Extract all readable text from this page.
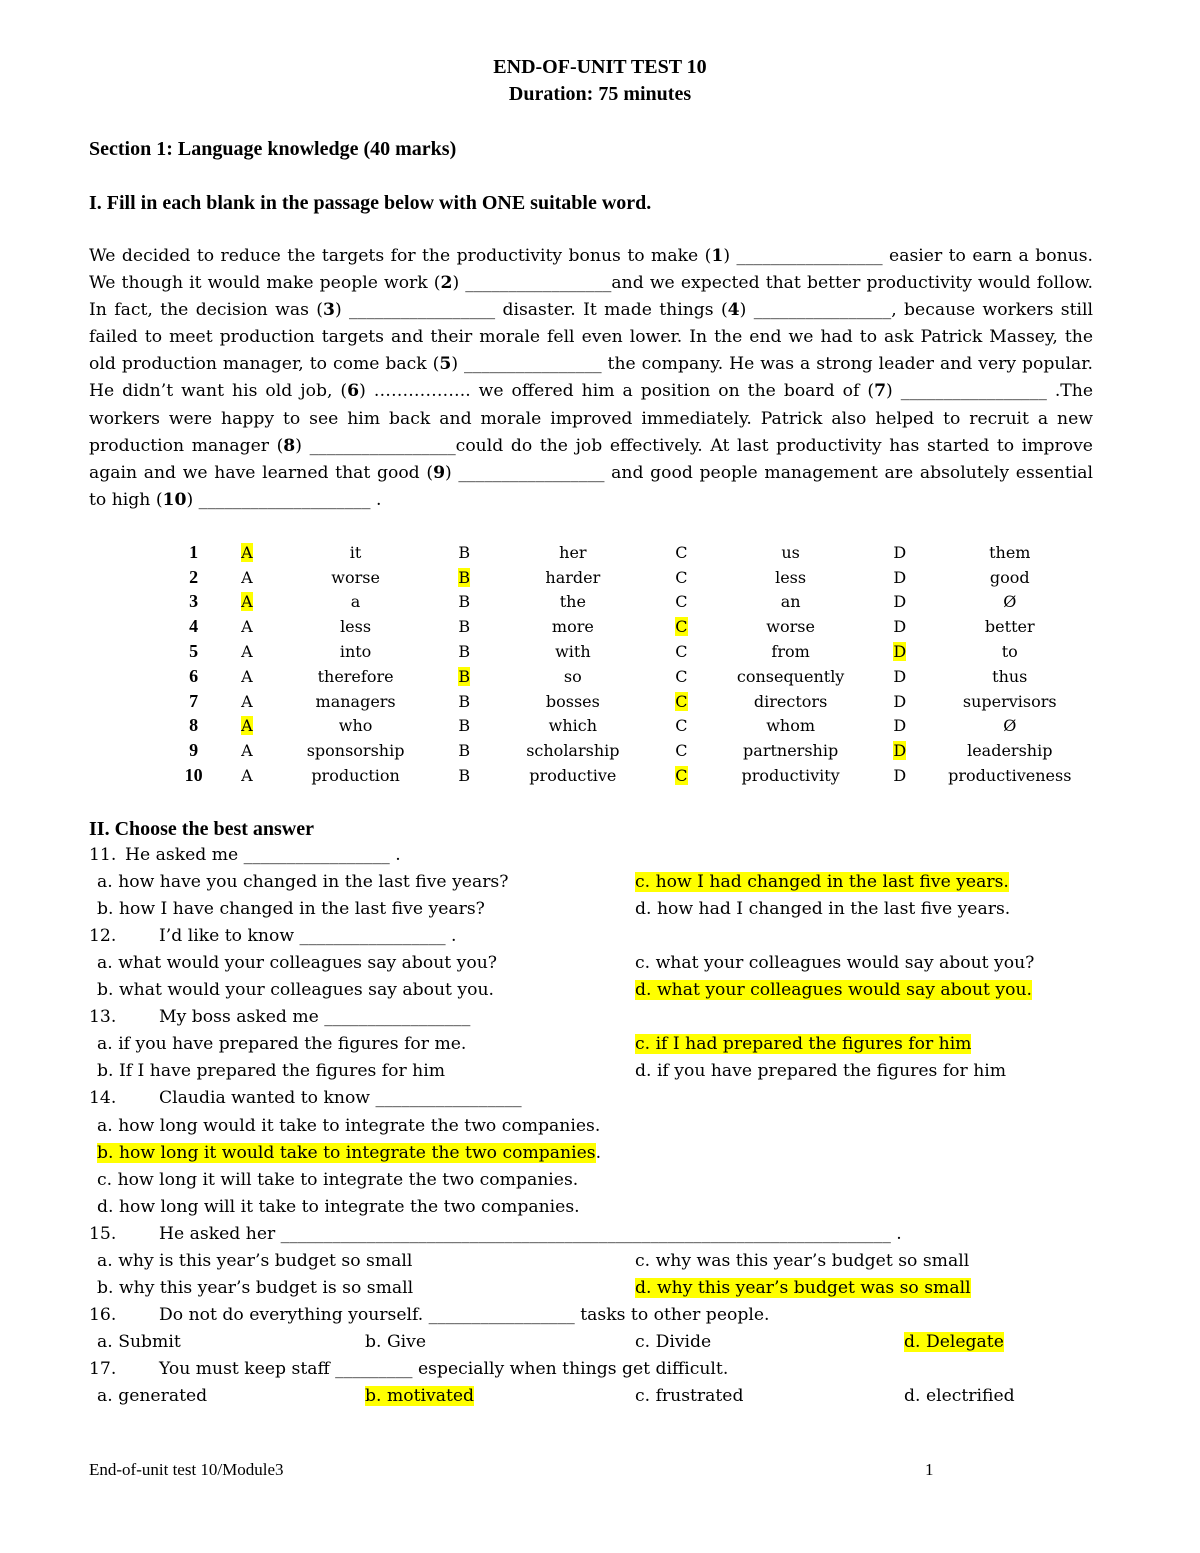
END-OF-UNIT TEST 10
Duration: 75 minutes
Section 1: Language knowledge (40 marks)
I. Fill in each blank in the passage below with ONE suitable word.

We decided to reduce the targets for the productivity bonus to make (1) _________________ easier to earn a bonus. We though it would make people work (2) _________________and we expected that better productivity would follow. In fact, the decision was (3) _________________ disaster. It made things (4) ________________, because workers still failed to meet production targets and their morale fell even lower. In the end we had to ask Patrick Massey, the old production manager, to come back (5) ________________ the company. He was a strong leader and very popular. He didn’t want his old job, (6) …………….. we offered him a position on the board of (7) _________________ .The workers were happy to see him back and morale improved immediately. Patrick also helped to recruit a new production manager (8) _________________could do the job effectively. At last productivity has started to improve again and we have learned that good (9) _________________ and good people management are absolutely essential to high (10) ____________________ .

1	A	it	B	her	C	us	D	them
2	A	worse	B	harder	C	less	D	good
3	A	a	B	the	C	an	D	Ø
4	A	less	B	more	C	worse	D	better
5	A	into	B	with	C	from	D	to
6	A	therefore	B	so	C	consequently	D	thus
7	A	managers	B	bosses	C	directors	D	supervisors
8	A	who	B	which	C	whom	D	Ø
9	A	sponsorship	B	scholarship	C	partnership	D	leadership
10	A	production	B	productive	C	productivity	D	productiveness
II. Choose the best answer
11. He asked me _________________ .
a. how have you changed in the last five years?	c. how I had changed in the last five years.
b. how I have changed in the last five years?	d. how had I changed in the last five years.
12. I’d like to know _________________ .
a. what would your colleagues say about you?	c. what your colleagues would say about you?
b. what would your colleagues say about you.	d. what your colleagues would say about you.
13. My boss asked me _________________
a. if you have prepared the figures for me.	c. if I had prepared the figures for him
b. If I have prepared the figures for him	d. if you have prepared the figures for him
14. Claudia wanted to know _________________
a. how long would it take to integrate the two companies.
b. how long it would take to integrate the two companies.
c. how long it will take to integrate the two companies.
d. how long will it take to integrate the two companies.
15. He asked her _______________________________________________________________________ .
a. why is this year’s budget so small	c. why was this year’s budget so small
b. why this year’s budget is so small	d. why this year’s budget was so small
16. Do not do everything yourself. _________________ tasks to other people.
a. Submit	b. Give	c. Divide	d. Delegate
17. You must keep staff _________ especially when things get difficult.
a. generated	b. motivated	c. frustrated	d. electrified
End-of-unit test 10/Module3	1
